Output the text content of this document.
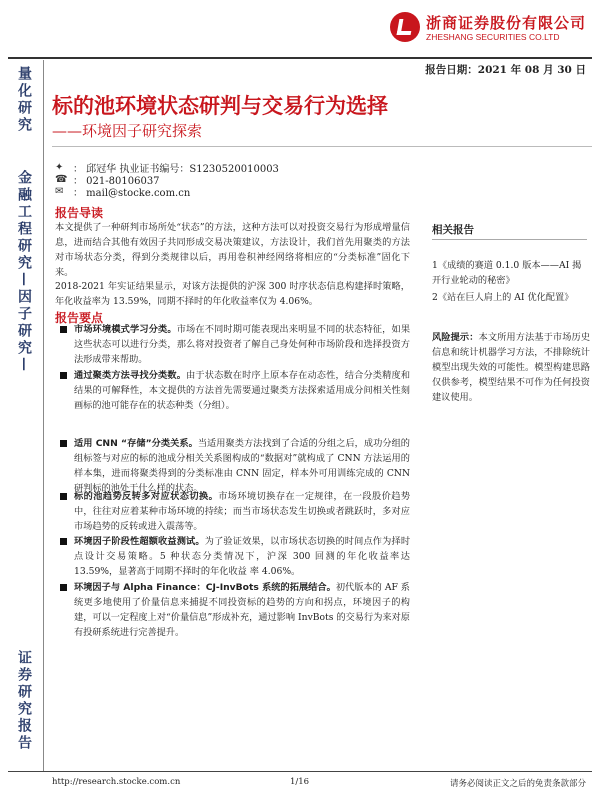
浙商证券股份有限公司
ZHESHANG SECURITIES CO.LTD
报告日期：2021 年 08 月 30 日
量化研究
金融工程研究—因子研究—
证券研究报告
标的池环境状态研判与交易行为选择
——环境因子研究探索
✦ ： 邱冠华 执业证书编号：S1230520010003
☎ ： 021-80106037
✉ ： mail@stocke.com.cn
报告导读
本文提供了一种研判市场所处“状态”的方法，这种方法可以对投资交易行为形成增量信息，进而结合其他有效因子共同形成交易决策建议，方法设计，我们首先用聚类的方法对市场状态分类，得到分类规律以后，再用卷积神经网络将相应的“分类标准”固化下来。
2018-2021 年实证结果显示，对该方法提供的沪深 300 时序状态信息构建择时策略，年化收益率为 13.59%，同期不择时的年化收益率仅为 4.06%。
报告要点
市场环境模式学习分类。市场在不同时期可能表现出来明显不同的状态特征，如果这些状态可以进行分类，那么将对投资者了解自己身处何种市场阶段和选择投资方法形成带来帮助。
通过聚类方法寻找分类数。由于状态数在时序上原本存在动态性，结合分类精度和结果的可解释性，本文提供的方法首先需要通过聚类方法探索适用成分间相关性刻画标的池可能存在的状态种类（分组）。
适用 CNN “存储”分类关系。当适用聚类方法找到了合适的分组之后，成功分组的组标签与对应的标的池成分相关关系图构成的“数据对”就构成了 CNN 方法运用的样本集，进而将聚类得到的分类标准由 CNN 固定，样本外可用训练完成的 CNN 研判标的池处于什么样的状态。
标的池趋势反转多对应状态切换。市场环境切换存在一定规律，在一段股价趋势中，往往对应着某种市场环境的持续；而当市场状态发生切换或者跳跃时，多对应市场趋势的反转或进入震荡等。
环境因子阶段性超额收益测试。为了验证效果，以市场状态切换的时间点作为择时点设计交易策略。5 种状态分类情况下，沪深 300 回测的年化收益率达 13.59%，显著高于同期不择时的年化收益 率 4.06%。
环境因子与 Alpha Finance：CJ-InvBots 系统的拓展结合。初代版本的 AF 系统更多地使用了价量信息来捕捉不同投资标的趋势的方向和拐点，环境因子的构建，可以一定程度上对“价量信息”形成补充，通过影响 InvBots 的交易行为来对原有投研系统进行完善提升。
相关报告
1《成绩的赛道 0.1.0 版本——AI 揭开行业轮动的秘密》
2《站在巨人肩上的 AI 优化配置》
风险提示：本文所用方法基于市场历史信息和统计机器学习方法，不排除统计模型出现失效的可能性。模型构建思路仅供参考，模型结果不可作为任何投资建议使用。
http://research.stocke.com.cn	1/16	请务必阅读正文之后的免责条款部分
